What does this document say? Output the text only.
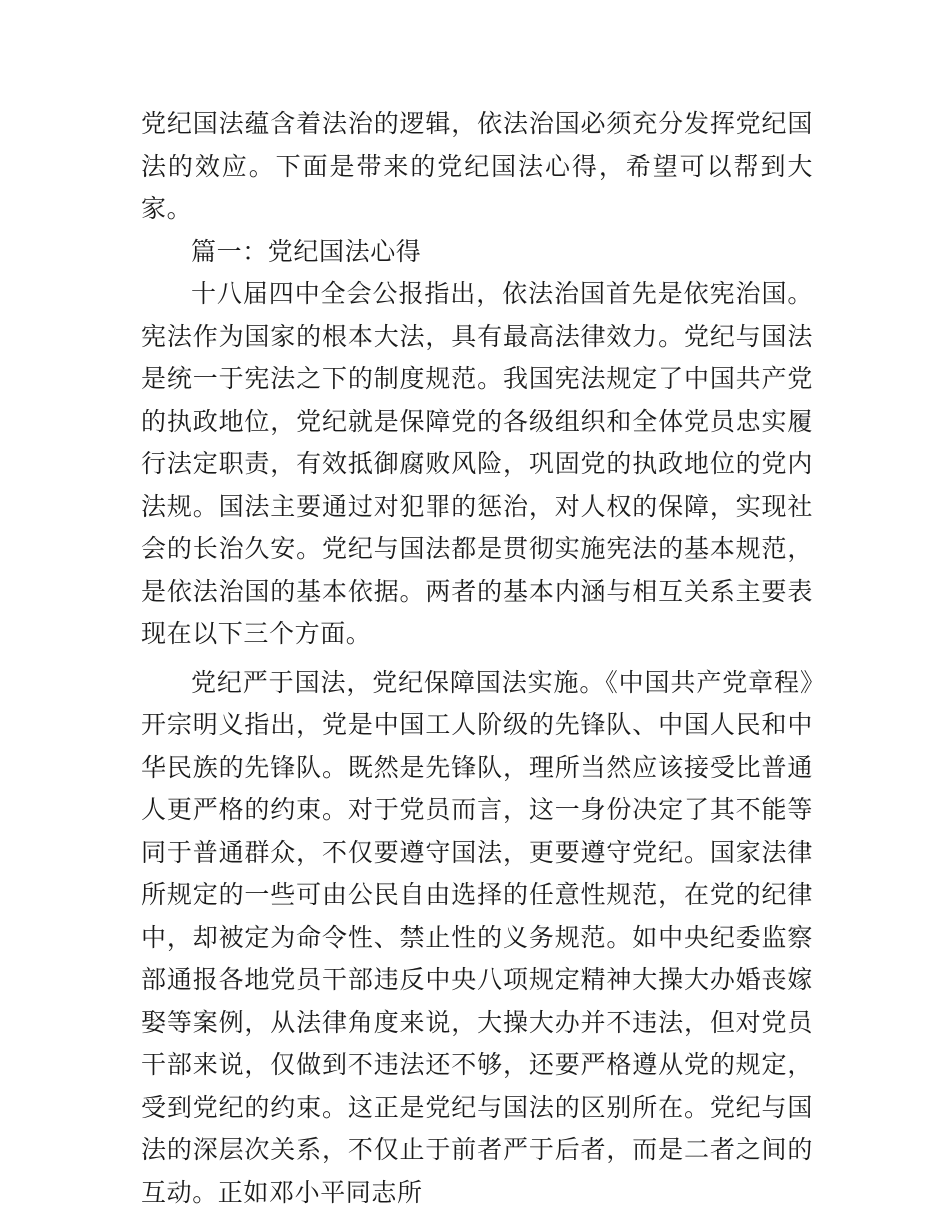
党纪国法蕴含着法治的逻辑，依法治国必须充分发挥党纪国法的效应。下面是带来的党纪国法心得，希望可以帮到大家。

篇一：党纪国法心得

十八届四中全会公报指出，依法治国首先是依宪治国。宪法作为国家的根本大法，具有最高法律效力。党纪与国法是统一于宪法之下的制度规范。我国宪法规定了中国共产党的执政地位，党纪就是保障党的各级组织和全体党员忠实履行法定职责，有效抵御腐败风险，巩固党的执政地位的党内法规。国法主要通过对犯罪的惩治，对人权的保障，实现社会的长治久安。党纪与国法都是贯彻实施宪法的基本规范，是依法治国的基本依据。两者的基本内涵与相互关系主要表现在以下三个方面。

党纪严于国法，党纪保障国法实施。《中国共产党章程》开宗明义指出，党是中国工人阶级的先锋队、中国人民和中华民族的先锋队。既然是先锋队，理所当然应该接受比普通人更严格的约束。对于党员而言，这一身份决定了其不能等同于普通群众，不仅要遵守国法，更要遵守党纪。国家法律所规定的一些可由公民自由选择的任意性规范，在党的纪律中，却被定为命令性、禁止性的义务规范。如中央纪委监察部通报各地党员干部违反中央八项规定精神大操大办婚丧嫁娶等案例，从法律角度来说，大操大办并不违法，但对党员干部来说，仅做到不违法还不够，还要严格遵从党的规定，受到党纪的约束。这正是党纪与国法的区别所在。党纪与国法的深层次关系，不仅止于前者严于后者，而是二者之间的互动。正如邓小平同志所
